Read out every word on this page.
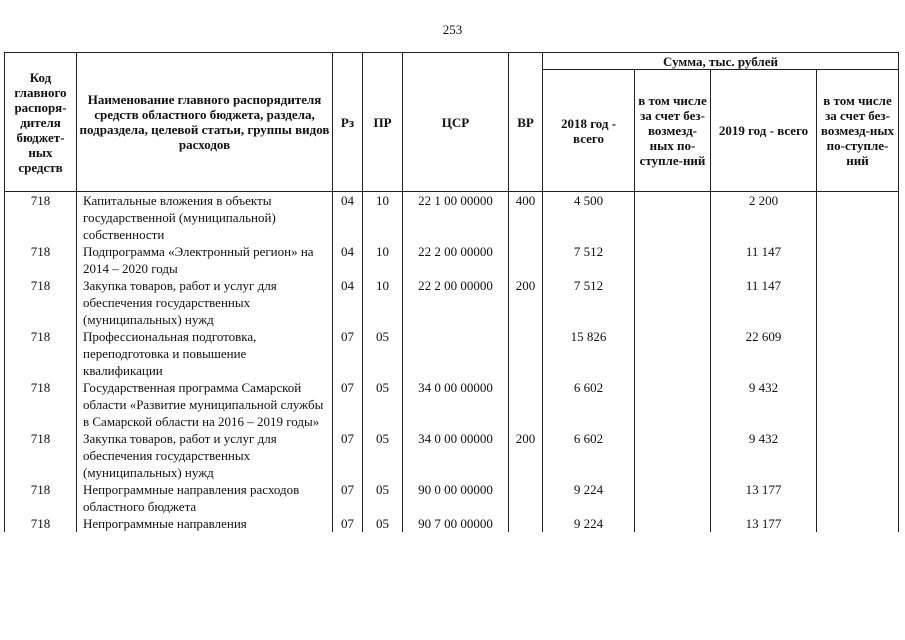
253
Код главного распоря-дителя бюджет-ных средств	Наименование главного распорядителя средств областного бюджета, раздела, подраздела, целевой статьи, группы видов расходов	Рз	ПР	ЦСР	ВР	Сумма, тыс. рублей			
						2018 год - всего	в том числе за счет без-возмезд-ных по-ступле-ний	2019 год - всего	в том числе за счет без-возмезд-ных по-ступле-ний
718	Капитальные вложения в объекты государственной (муниципальной) собственности	04	10	22 1 00 00000	400	4 500		2 200	
718	Подпрограмма «Электронный регион» на 2014 – 2020 годы	04	10	22 2 00 00000		7 512		11 147	
718	Закупка товаров, работ и услуг для обеспечения государственных (муниципальных) нужд	04	10	22 2 00 00000	200	7 512		11 147	
718	Профессиональная подготовка, переподготовка и повышение квалификации	07	05			15 826		22 609	
718	Государственная программа Самарской области «Развитие муниципальной службы в Самарской области на 2016 – 2019 годы»	07	05	34 0 00 00000		6 602		9 432	
718	Закупка товаров, работ и услуг для обеспечения государственных (муниципальных) нужд	07	05	34 0 00 00000	200	6 602		9 432	
718	Непрограммные направления расходов областного бюджета	07	05	90 0 00 00000		9 224		13 177	
718	Непрограммные направления	07	05	90 7 00 00000		9 224		13 177	
